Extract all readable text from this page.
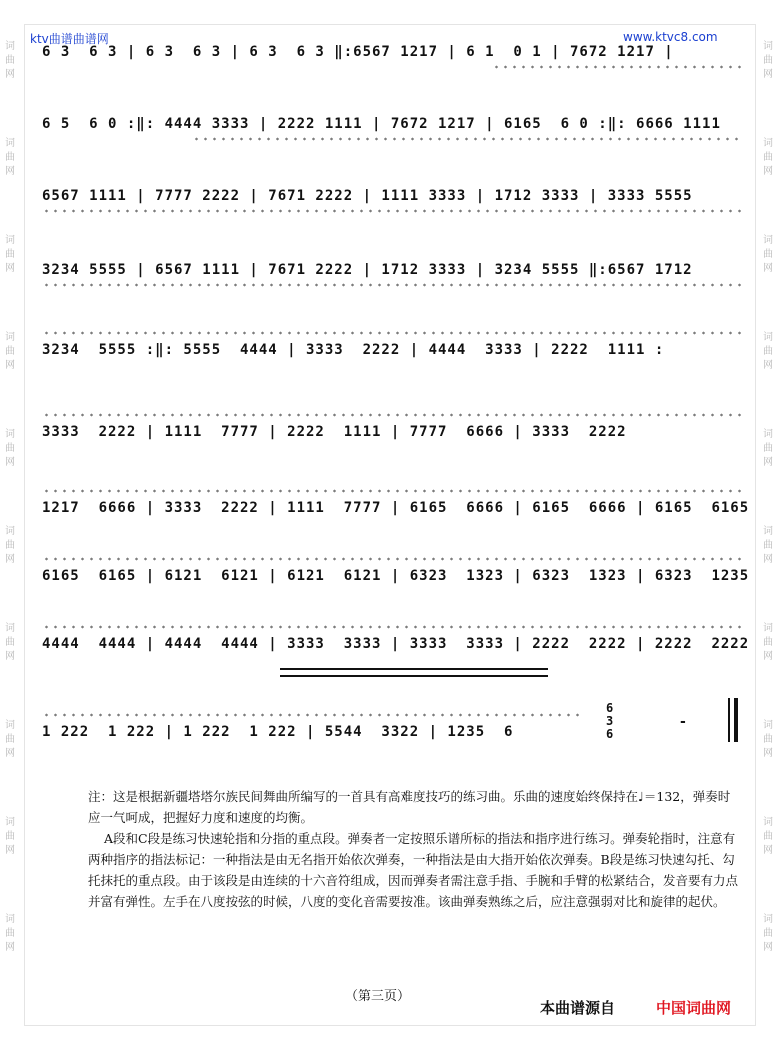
ktv曲谱曲谱网	www.ktvc8.com
词
曲
网
词
曲
网
词
曲
网
词
曲
网
词
曲
网
词
曲
网
词
曲
网
词
曲
网
词
曲
网
词
曲
网
词
曲
网
词
曲
网
词
曲
网
词
曲
网
词
曲
网
词
曲
网
词
曲
网
词
曲
网
词
曲
网
词
曲
网
6 3  6 3 | 6 3  6 3 | 6 3  6 3 ‖:6567 1217 | 6 1  0 1 | 7672 1217 |
6 5  6 0 :‖: 4444 3333 | 2222 1111 | 7672 1217 | 6165  6 0 :‖: 6666 1111
6567 1111 | 7777 2222 | 7671 2222 | 1111 3333 | 1712 3333 | 3333 5555
3234 5555 | 6567 1111 | 7671 2222 | 1712 3333 | 3234 5555 ‖:6567 1712
3234  5555 :‖: 5555  4444 | 3333  2222 | 4444  3333 | 2222  1111 :
3333  2222 | 1111  7777 | 2222  1111 | 7777  6666 | 3333  2222
1217  6666 | 3333  2222 | 1111  7777 | 6165  6666 | 6165  6666 | 6165  6165
6165  6165 | 6121  6121 | 6121  6121 | 6323  1323 | 6323  1323 | 6323  1235
4444  4444 | 4444  4444 | 3333  3333 | 3333  3333 | 2222  2222 | 2222  2222
1 222  1 222 | 1 222  1 222 | 5544  3322 | 1235  6
6
3
6
-

注：这是根据新疆塔塔尔族民间舞曲所编写的一首具有高难度技巧的练习曲。乐曲的速度始终保持在♩＝132，弹奏时应一气呵成，把握好力度和速度的均衡。

A段和C段是练习快速轮指和分指的重点段。弹奏者一定按照乐谱所标的指法和指序进行练习。弹奏轮指时，注意有两种指序的指法标记：一种指法是由无名指开始依次弹奏，一种指法是由大指开始依次弹奏。B段是练习快速勾托、勾托抹托的重点段。由于该段是由连续的十六音符组成，因而弹奏者需注意手指、手腕和手臂的松紧结合，发音要有力点并富有弹性。左手在八度按弦的时候，八度的变化音需要按准。该曲弹奏熟练之后，应注意强弱对比和旋律的起伏。

（第三页）
本曲谱源自	中国词曲网
